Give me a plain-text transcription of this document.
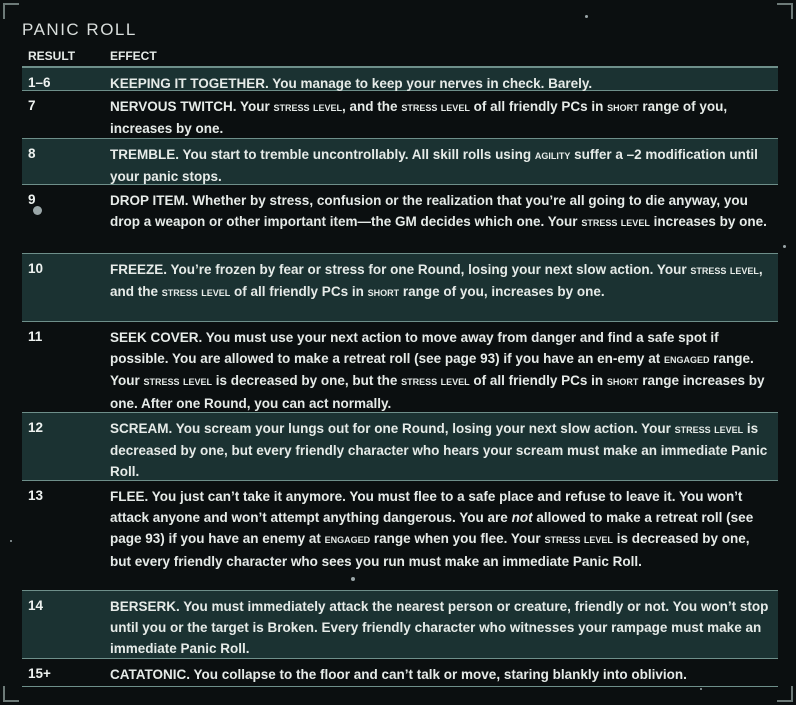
PANIC ROLL
RESULT	EFFECT
1–6	KEEPING IT TOGETHER. You manage to keep your nerves in check. Barely.
7	NERVOUS TWITCH. Your stress level, and the stress level of all friendly PCs in short range of you, increases by one.
8	TREMBLE. You start to tremble uncontrollably. All skill rolls using agility suffer a –2 modification until your panic stops.
9	DROP ITEM. Whether by stress, confusion or the realization that you’re all going to die anyway, you drop a weapon or other important item—the GM decides which one. Your stress level increases by one.
10	FREEZE. You’re frozen by fear or stress for one Round, losing your next slow action. Your stress level, and the stress level of all friendly PCs in short range of you, increases by one.
11	SEEK COVER. You must use your next action to move away from danger and find a safe spot if possible. You are allowed to make a retreat roll (see page 93) if you have an en-emy at engaged range. Your stress level is decreased by one, but the stress level of all friendly PCs in short range increases by one. After one Round, you can act normally.
12	SCREAM. You scream your lungs out for one Round, losing your next slow action. Your stress level is decreased by one, but every friendly character who hears your scream must make an immediate Panic Roll.
13	FLEE. You just can’t take it anymore. You must flee to a safe place and refuse to leave it. You won’t attack anyone and won’t attempt anything dangerous. You are not allowed to make a retreat roll (see page 93) if you have an enemy at engaged range when you flee. Your stress level is decreased by one, but every friendly character who sees you run must make an immediate Panic Roll.
14	BERSERK. You must immediately attack the nearest person or creature, friendly or not. You won’t stop until you or the target is Broken. Every friendly character who witnesses your rampage must make an immediate Panic Roll.
15+	CATATONIC. You collapse to the floor and can’t talk or move, staring blankly into oblivion.
